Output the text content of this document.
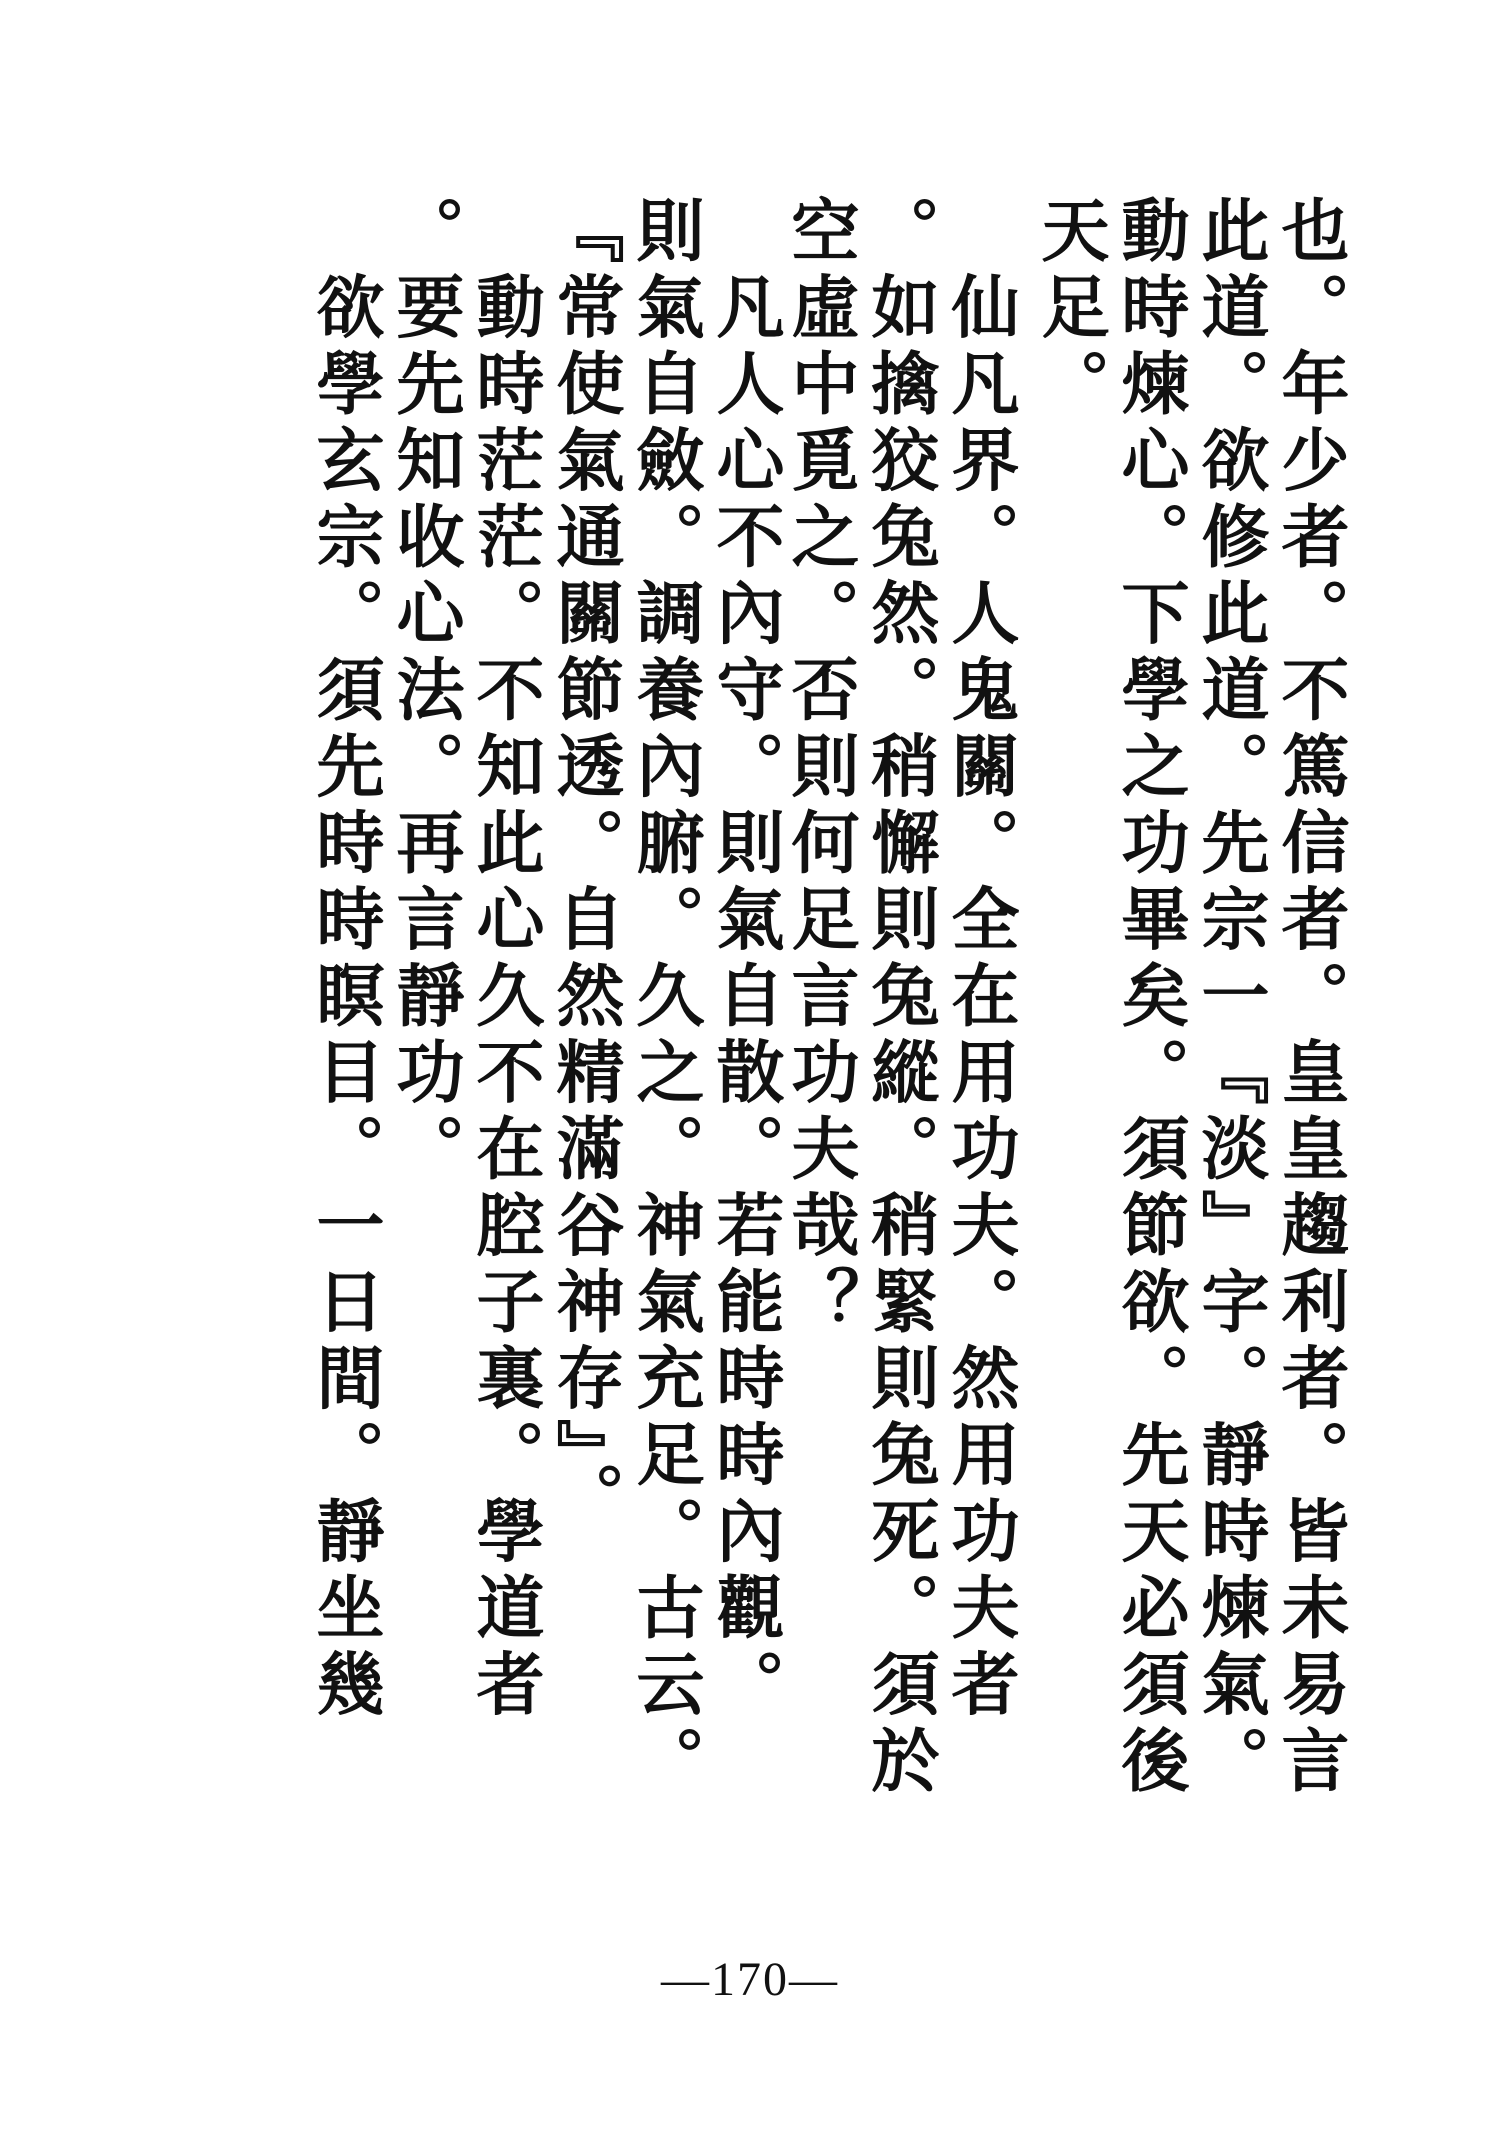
也。年少者。不篤信者。皇皇趨利者。皆未易言
此道。欲修此道。先宗一『淡』字。靜時煉氣。
動時煉心。下學之功畢矣。須節欲。先天必須後
天足。
　仙凡界。人鬼關。全在用功夫。然用功夫者
。如擒狡兔然。稍懈則兔縱。稍緊則兔死。須於
空虛中覓之。否則何足言功夫哉？
　凡人心不內守。則氣自散。若能時時內觀。
則氣自斂。調養內腑。久之。神氣充足。古云。
『常使氣通關節透。自然精滿谷神存』。
　動時茫茫。不知此心久不在腔子裏。學道者
。要先知收心法。再言靜功。
　欲學玄宗。須先時時瞑目。一日間。靜坐幾
—170—
